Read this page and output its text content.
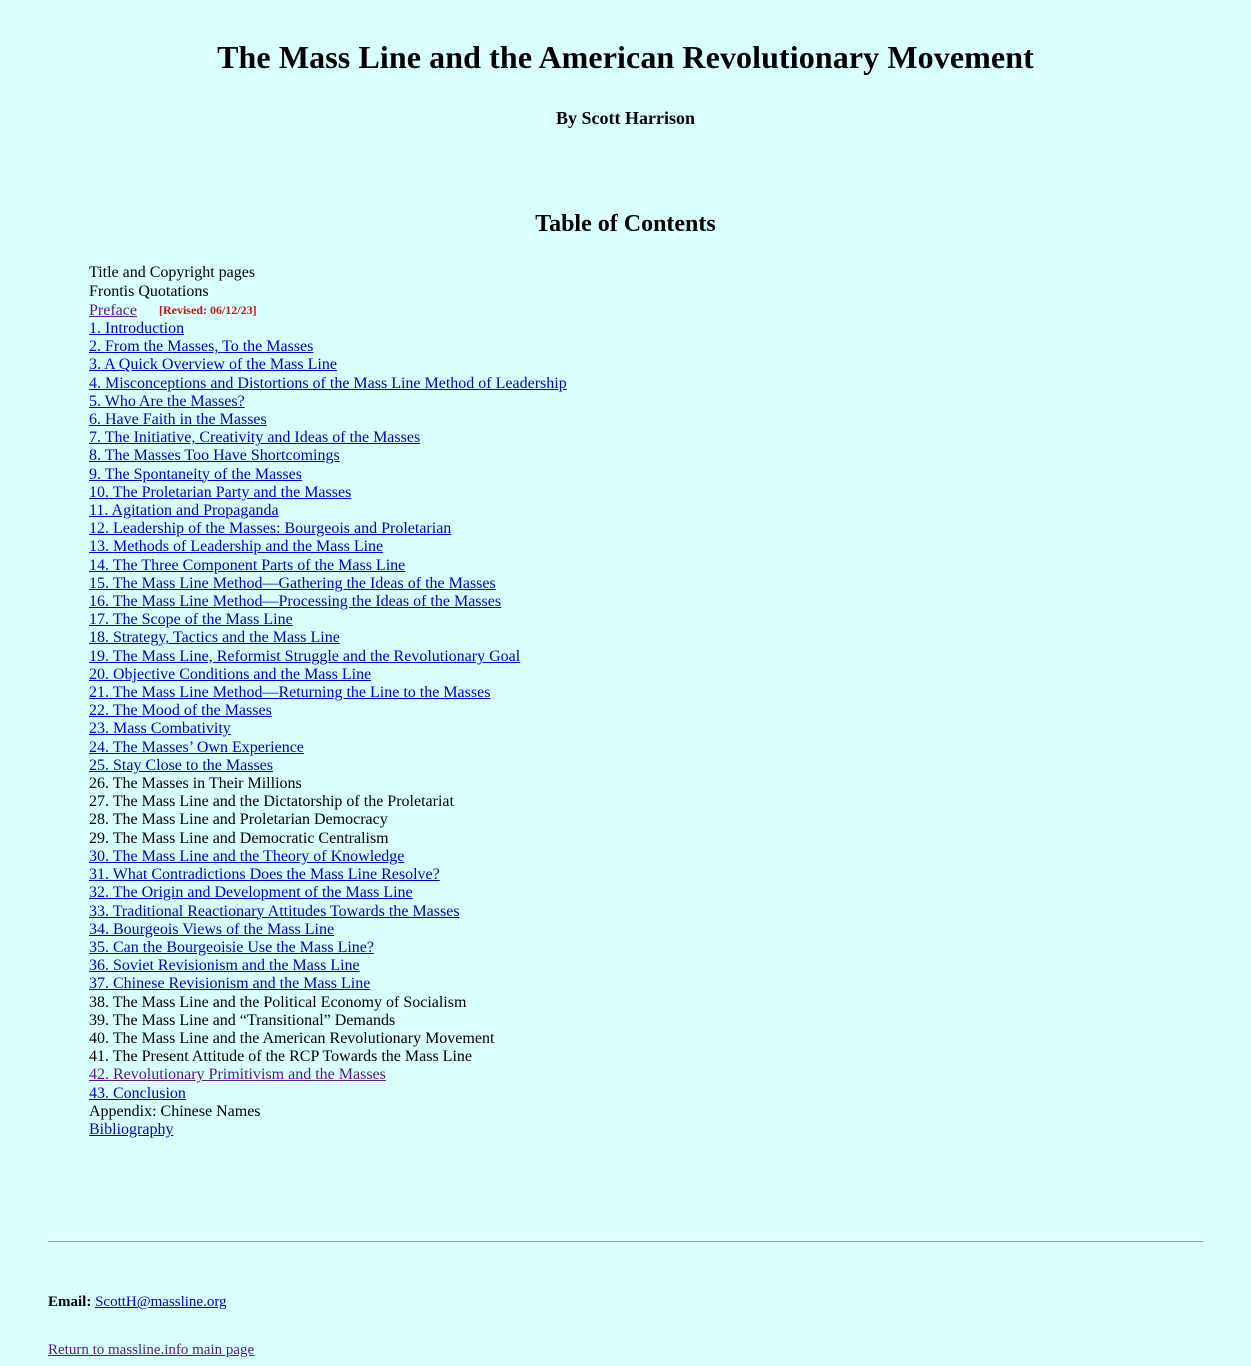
The Mass Line and the American Revolutionary Movement
By Scott Harrison
Table of Contents
Title and Copyright pages
Frontis Quotations
Preface [Revised: 06/12/23]
1. Introduction
2. From the Masses, To the Masses
3. A Quick Overview of the Mass Line
4. Misconceptions and Distortions of the Mass Line Method of Leadership
5. Who Are the Masses?
6. Have Faith in the Masses
7. The Initiative, Creativity and Ideas of the Masses
8. The Masses Too Have Shortcomings
9. The Spontaneity of the Masses
10. The Proletarian Party and the Masses
11. Agitation and Propaganda
12. Leadership of the Masses: Bourgeois and Proletarian
13. Methods of Leadership and the Mass Line
14. The Three Component Parts of the Mass Line
15. The Mass Line Method—Gathering the Ideas of the Masses
16. The Mass Line Method—Processing the Ideas of the Masses
17. The Scope of the Mass Line
18. Strategy, Tactics and the Mass Line
19. The Mass Line, Reformist Struggle and the Revolutionary Goal
20. Objective Conditions and the Mass Line
21. The Mass Line Method—Returning the Line to the Masses
22. The Mood of the Masses
23. Mass Combativity
24. The Masses’ Own Experience
25. Stay Close to the Masses
26. The Masses in Their Millions
27. The Mass Line and the Dictatorship of the Proletariat
28. The Mass Line and Proletarian Democracy
29. The Mass Line and Democratic Centralism
30. The Mass Line and the Theory of Knowledge
31. What Contradictions Does the Mass Line Resolve?
32. The Origin and Development of the Mass Line
33. Traditional Reactionary Attitudes Towards the Masses
34. Bourgeois Views of the Mass Line
35. Can the Bourgeoisie Use the Mass Line?
36. Soviet Revisionism and the Mass Line
37. Chinese Revisionism and the Mass Line
38. The Mass Line and the Political Economy of Socialism
39. The Mass Line and “Transitional” Demands
40. The Mass Line and the American Revolutionary Movement
41. The Present Attitude of the RCP Towards the Mass Line
42. Revolutionary Primitivism and the Masses
43. Conclusion
Appendix: Chinese Names
Bibliography

Email: ScottH@massline.org

Return to massline.info main page
